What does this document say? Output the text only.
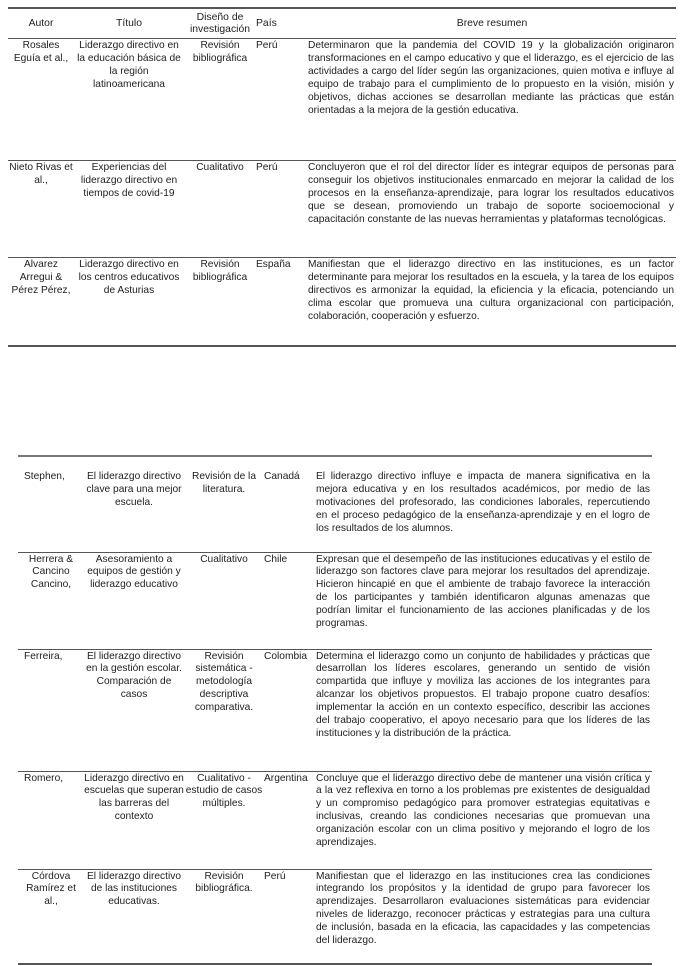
Autor	Título	Diseño de investigación	País	Breve resumen
Rosales Eguía et al.,	Liderazgo directivo en la educación básica de la región latinoamericana	Revisión bibliográfica	Perú	Determinaron que la pandemia del COVID 19 y la globalización originaron transformaciones en el campo educativo y que el liderazgo, es el ejercicio de las actividades a cargo del líder según las organizaciones, quien motiva e influye al equipo de trabajo para el cumplimiento de lo propuesto en la visión, misión y objetivos, dichas acciones se desarrollan mediante las prácticas que están orientadas a la mejora de la gestión educativa.
Nieto Rivas et al.,	Experiencias del liderazgo directivo en tiempos de covid-19	Cualitativo	Perú	Concluyeron que el rol del director líder es integrar equipos de personas para conseguir los objetivos institucionales enmarcado en mejorar la calidad de los procesos en la enseñanza-aprendizaje, para lograr los resultados educativos que se desean, promoviendo un trabajo de soporte socioemocional y capacitación constante de las nuevas herramientas y plataformas tecnológicas.
Alvarez Arregui & Pérez Pérez,	Liderazgo directivo en los centros educativos de Asturias	Revisión bibliográfica	España	Manifiestan que el liderazgo directivo en las instituciones, es un factor determinante para mejorar los resultados en la escuela, y la tarea de los equipos directivos es armonizar la equidad, la eficiencia y la eficacia, potenciando un clima escolar que promueva una cultura organizacional con participación, colaboración, cooperación y esfuerzo.
Stephen,	El liderazgo directivo clave para una mejor escuela.	Revisión de la literatura.	Canadá	El liderazgo directivo influye e impacta de manera significativa en la mejora educativa y en los resultados académicos, por medio de las motivaciones del profesorado, las condiciones laborales, repercutiendo en el proceso pedagógico de la enseñanza-aprendizaje y en el logro de los resultados de los alumnos.
Herrera & Cancino Cancino,	Asesoramiento a equipos de gestión y liderazgo educativo	Cualitativo	Chile	Expresan que el desempeño de las instituciones educativas y el estilo de liderazgo son factores clave para mejorar los resultados del aprendizaje. Hicieron hincapié en que el ambiente de trabajo favorece la interacción de los participantes y también identificaron algunas amenazas que podrían limitar el funcionamiento de las acciones planificadas y de los programas.
Ferreira,	El liderazgo directivo en la gestión escolar. Comparación de casos	Revisión sistemática - metodología descriptiva comparativa.	Colombia	Determina el liderazgo como un conjunto de habilidades y prácticas que desarrollan los líderes escolares, generando un sentido de visión compartida que influye y moviliza las acciones de los integrantes para alcanzar los objetivos propuestos. El trabajo propone cuatro desafíos: implementar la acción en un contexto específico, describir las acciones del trabajo cooperativo, el apoyo necesario para que los líderes de las instituciones y la distribución de la práctica.
Romero,	Liderazgo directivo en escuelas que superan las barreras del contexto	Cualitativo - estudio de casos múltiples.	Argentina	Concluye que el liderazgo directivo debe de mantener una visión crítica y a la vez reflexiva en torno a los problemas pre existentes de desigualdad y un compromiso pedagógico para promover estrategias equitativas e inclusivas, creando las condiciones necesarias que promuevan una organización escolar con un clima positivo y mejorando el logro de los aprendizajes.
Córdova Ramírez et al.,	El liderazgo directivo de las instituciones educativas.	Revisión bibliográfica.	Perú	Manifiestan que el liderazgo en las instituciones crea las condiciones integrando los propósitos y la identidad de grupo para favorecer los aprendizajes. Desarrollaron evaluaciones sistemáticas para evidenciar niveles de liderazgo, reconocer prácticas y estrategias para una cultura de inclusión, basada en la eficacia, las capacidades y las competencias del liderazgo.
